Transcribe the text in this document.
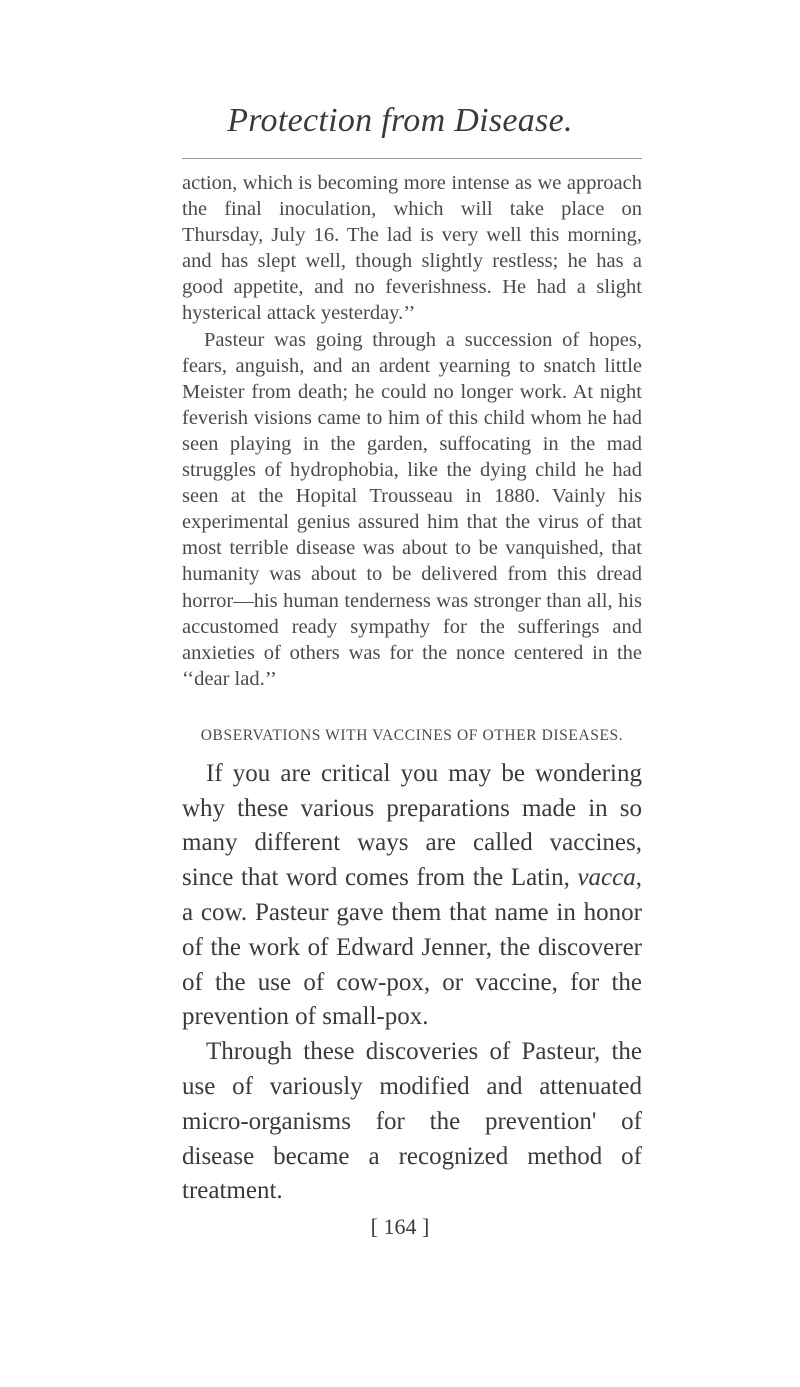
Protection from Disease.

action, which is becoming more intense as we approach the final inoculation, which will take place on Thursday, July 16. The lad is very well this morning, and has slept well, though slightly restless; he has a good appetite, and no feverishness. He had a slight hysterical attack yesterday.’’

Pasteur was going through a succession of hopes, fears, anguish, and an ardent yearning to snatch little Meister from death; he could no longer work. At night feverish visions came to him of this child whom he had seen playing in the garden, suffocating in the mad struggles of hydrophobia, like the dying child he had seen at the Hopital Trousseau in 1880. Vainly his experimental genius assured him that the virus of that most terrible disease was about to be vanquished, that humanity was about to be delivered from this dread horror—his human tenderness was stronger than all, his accustomed ready sympathy for the sufferings and anxieties of others was for the nonce centered in the ‘‘dear lad.’’

OBSERVATIONS WITH VACCINES OF OTHER DISEASES.

If you are critical you may be wondering why these various preparations made in so many different ways are called vaccines, since that word comes from the Latin, vacca, a cow. Pasteur gave them that name in honor of the work of Edward Jenner, the discoverer of the use of cow-pox, or vaccine, for the prevention of small-pox.

Through these discoveries of Pasteur, the use of variously modified and attenuated micro-organisms for the prevention' of disease became a recognized method of treatment.

[ 164 ]
